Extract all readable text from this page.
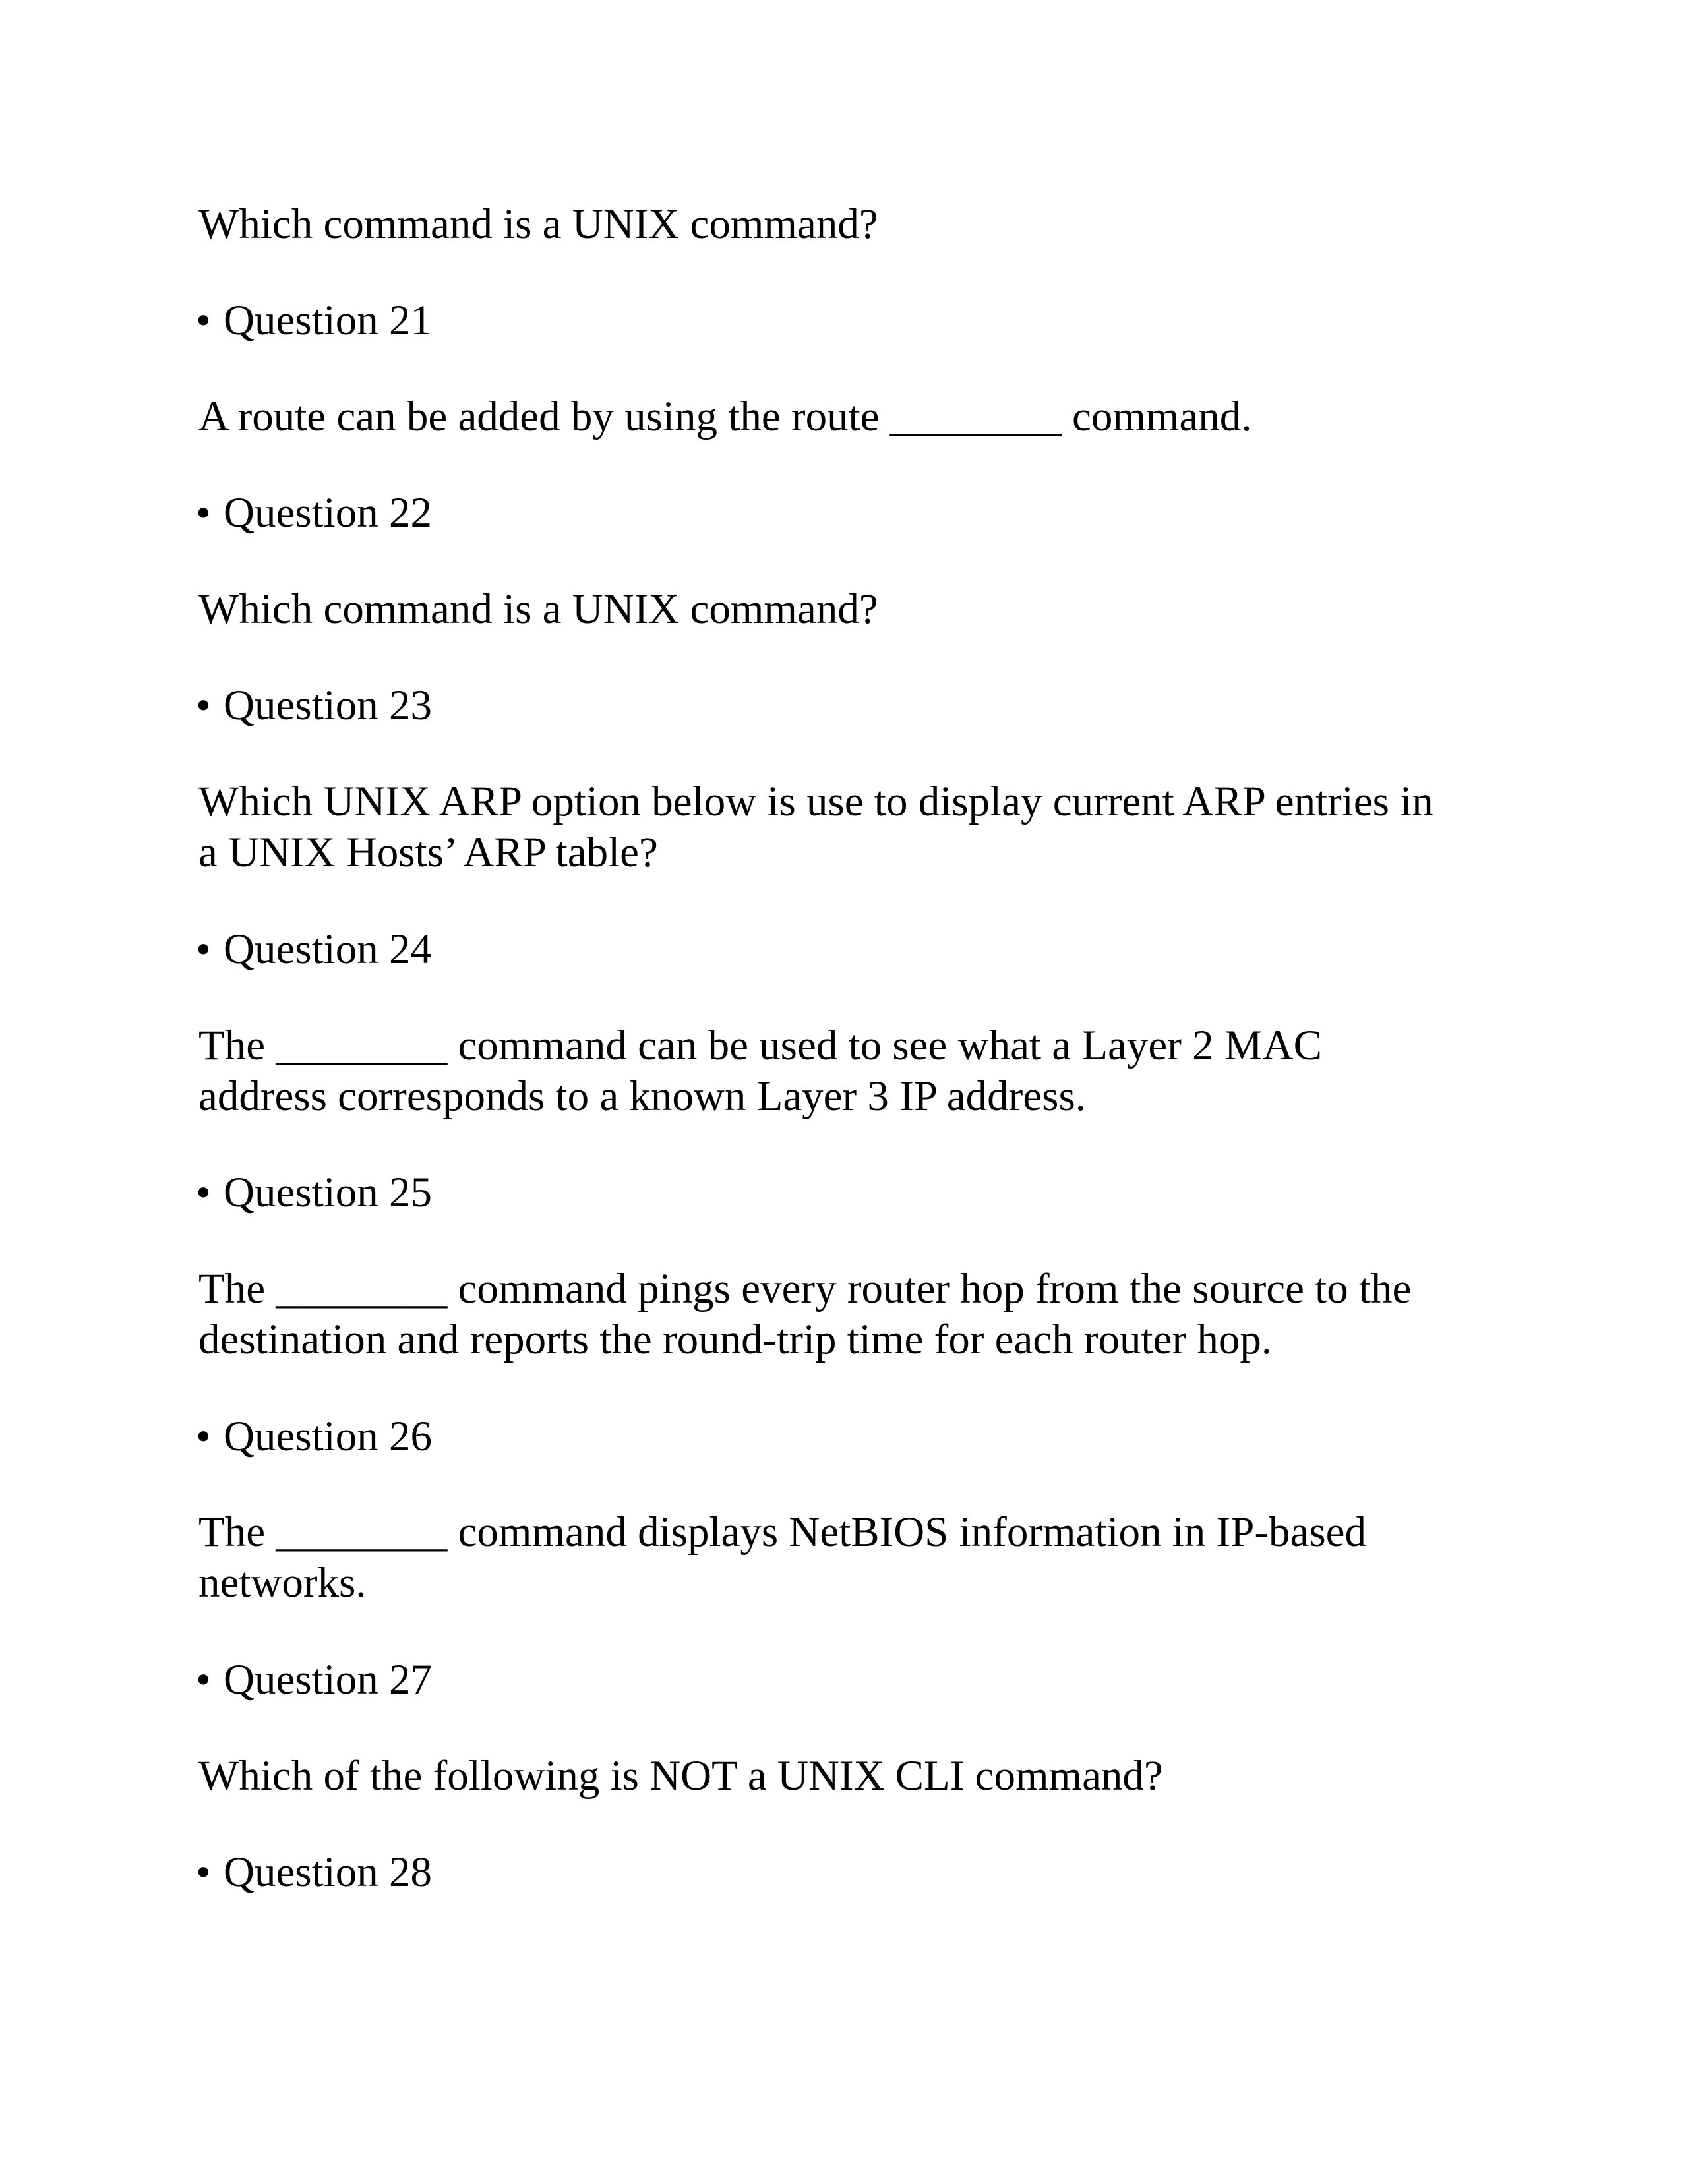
Which command is a UNIX command?

• Question 21

A route can be added by using the route ________ command.

• Question 22

Which command is a UNIX command?

• Question 23

Which UNIX ARP option below is use to display current ARP entries in
a UNIX Hosts’ ARP table?

• Question 24

The ________ command can be used to see what a Layer 2 MAC
address corresponds to a known Layer 3 IP address.

• Question 25

The ________ command pings every router hop from the source to the
destination and reports the round-trip time for each router hop.

• Question 26

The ________ command displays NetBIOS information in IP-based
networks.

• Question 27

Which of the following is NOT a UNIX CLI command?

• Question 28
